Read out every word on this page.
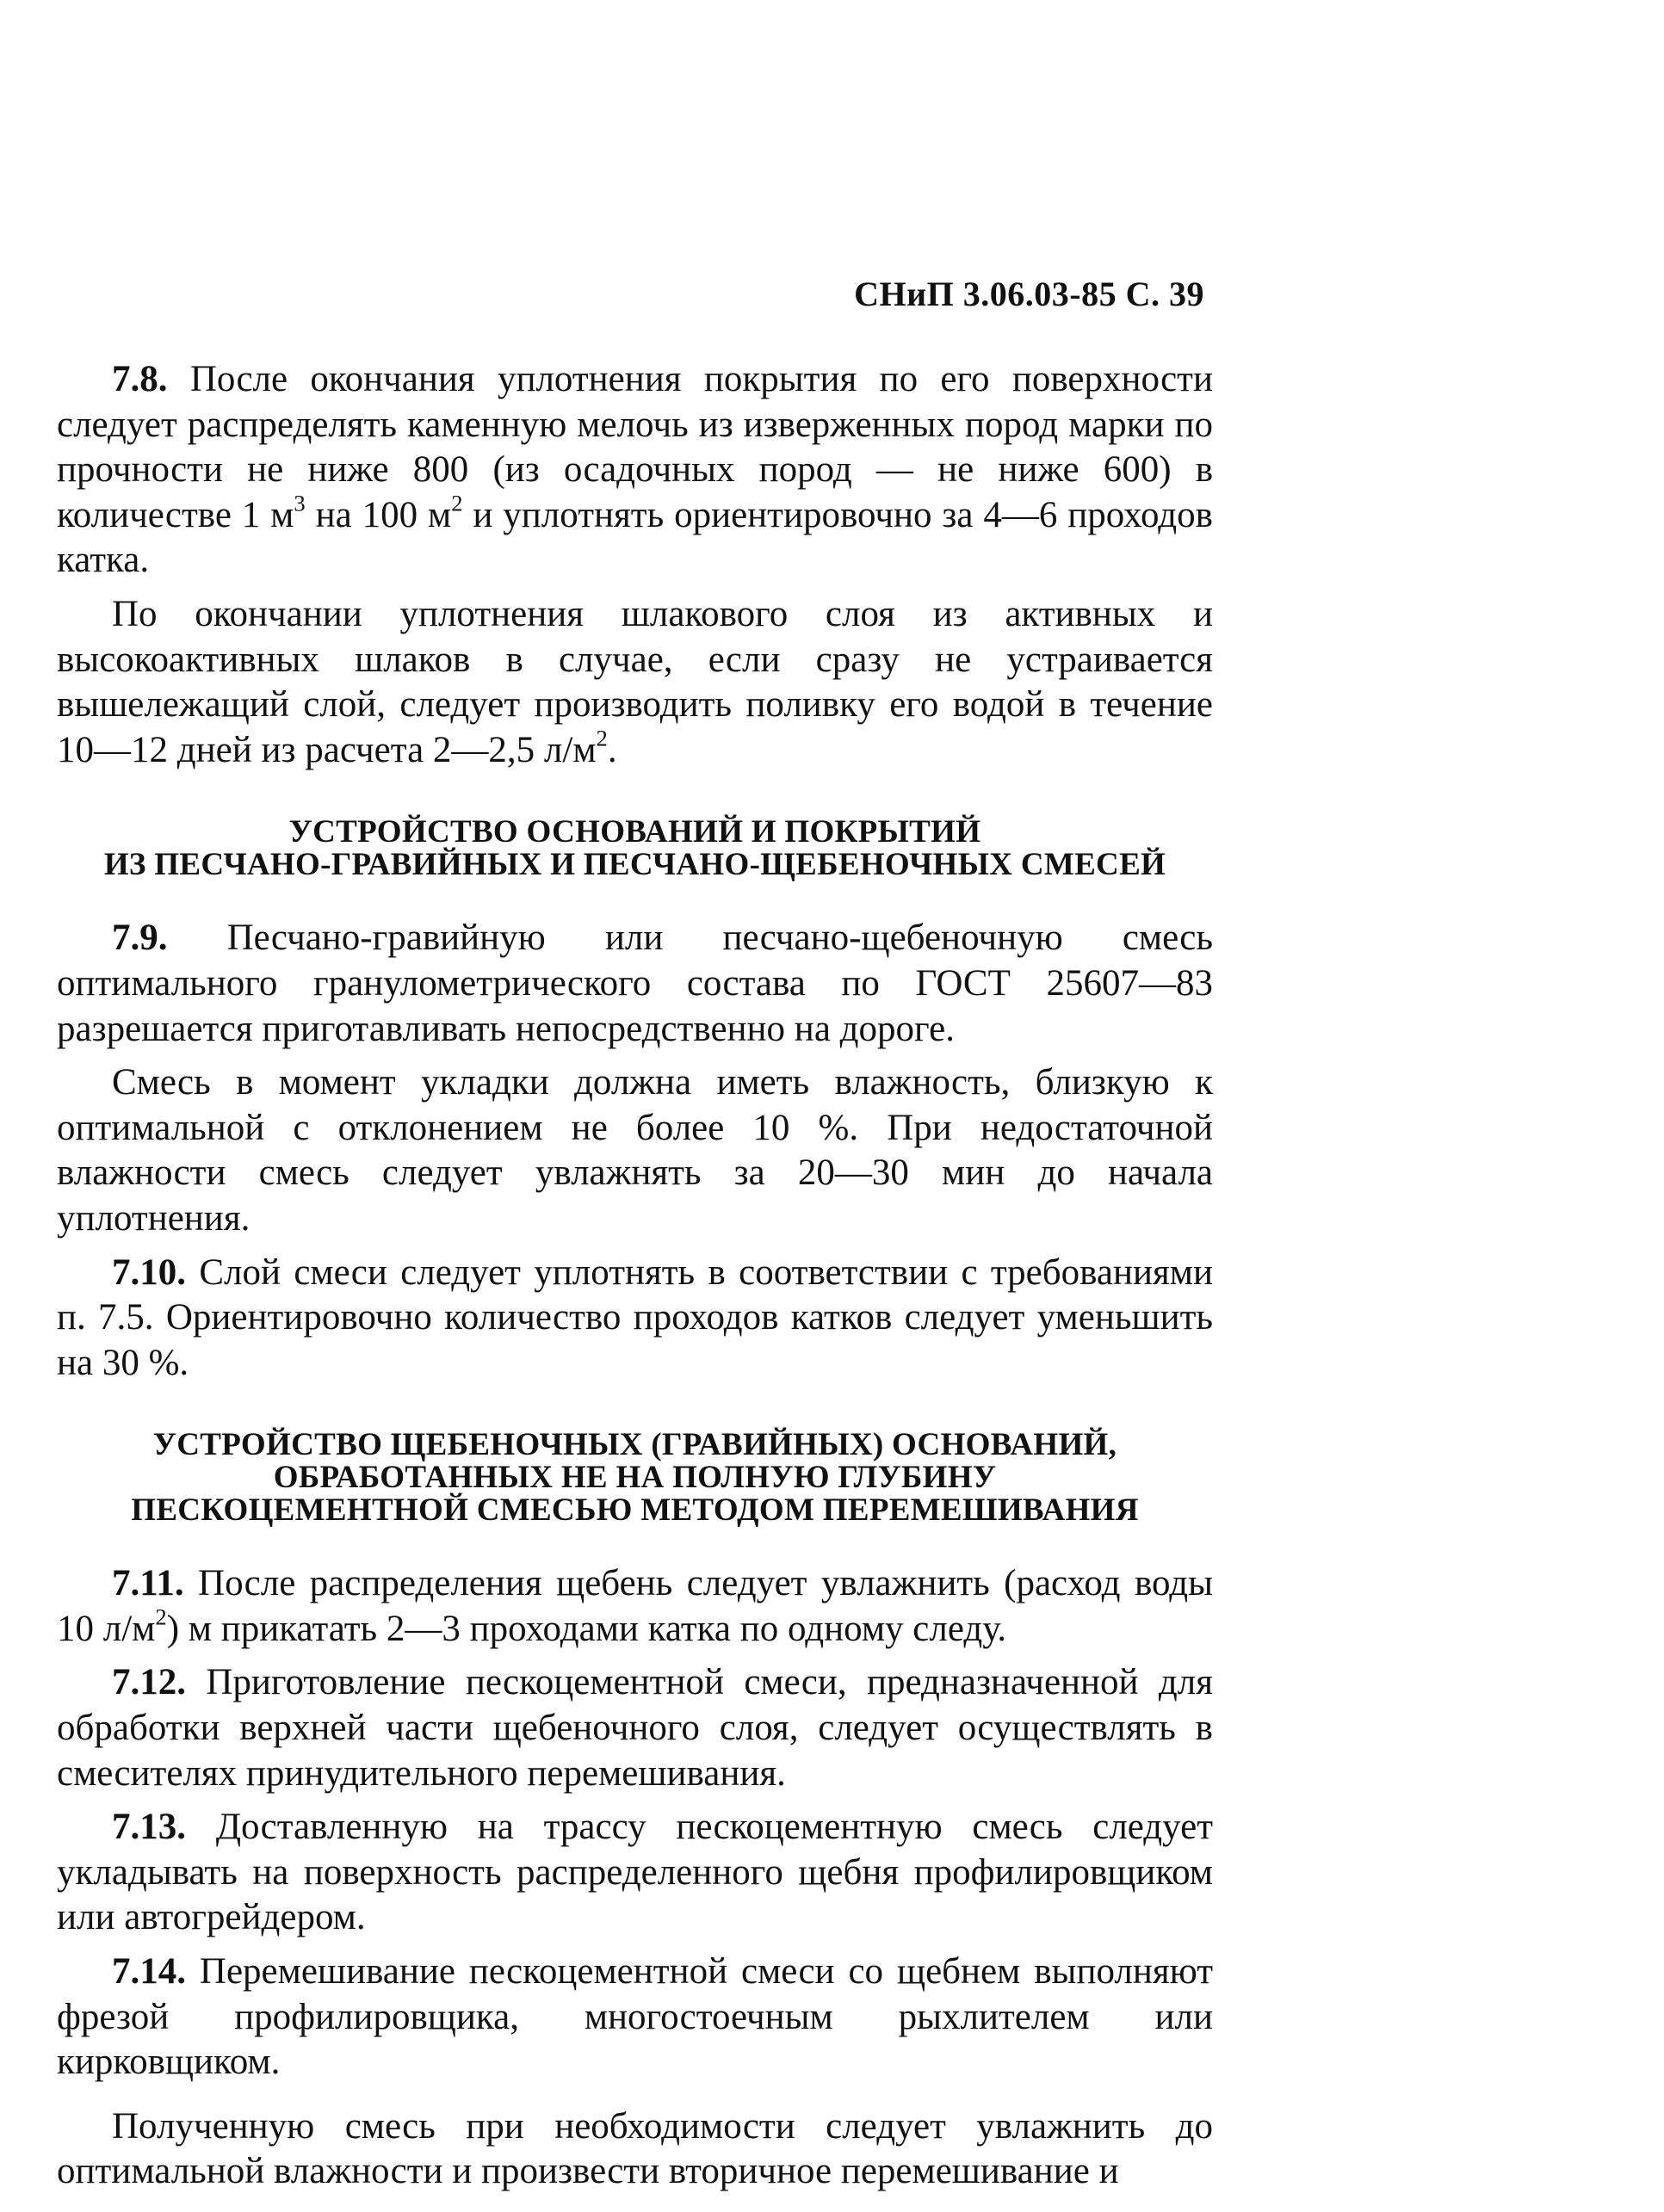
СНиП 3.06.03-85 С. 39

7.8. После окончания уплотнения покрытия по его поверхности следует распределять каменную мелочь из изверженных пород марки по прочности не ниже 800 (из осадочных пород — не ниже 600) в количестве 1 $м^3$ на 100 $м^2$ и уплотнять ориентировочно за 4—6 проходов катка.

По окончании уплотнения шлакового слоя из активных и высокоактивных шлаков в случае, если сразу не устраивается вышележащий слой, следует производить поливку его водой в течение 10—12 дней из расчета 2—2,5 $л/м^2$.

УСТРОЙСТВО ОСНОВАНИЙ И ПОКРЫТИЙ
ИЗ ПЕСЧАНО-ГРАВИЙНЫХ И ПЕСЧАНО-ЩЕБЕНОЧНЫХ СМЕСЕЙ

7.9. Песчано-гравийную или песчано-щебеночную смесь оптимального гранулометрического состава по ГОСТ 25607—83 разрешается приготавливать непосредственно на дороге.

Смесь в момент укладки должна иметь влажность, близкую к оптимальной с отклонением не более 10 %. При недостаточной влажности смесь следует увлажнять за 20—30 мин до начала уплотнения.

7.10. Слой смеси следует уплотнять в соответствии с требованиями п. 7.5. Ориентировочно количество проходов катков следует уменьшить на 30 %.

УСТРОЙСТВО ЩЕБЕНОЧНЫХ (ГРАВИЙНЫХ) ОСНОВАНИЙ,
ОБРАБОТАННЫХ НЕ НА ПОЛНУЮ ГЛУБИНУ
ПЕСКОЦЕМЕНТНОЙ СМЕСЬЮ МЕТОДОМ ПЕРЕМЕШИВАНИЯ

7.11. После распределения щебень следует увлажнить (расход воды 10 $л/м^2$) м прикатать 2—3 проходами катка по одному следу.

7.12. Приготовление пескоцементной смеси, предназначенной для обработки верхней части щебеночного слоя, следует осуществлять в смесителях принудительного перемешивания.

7.13. Доставленную на трассу пескоцементную смесь следует укладывать на поверхность распределенного щебня профилировщиком или автогрейдером.

7.14. Перемешивание пескоцементной смеси со щебнем выполняют фрезой профилировщика, многостоечным рыхлителем или кирковщиком.

Полученную смесь при необходимости следует увлажнить до оптимальной влажности и произвести вторичное перемешивание и
